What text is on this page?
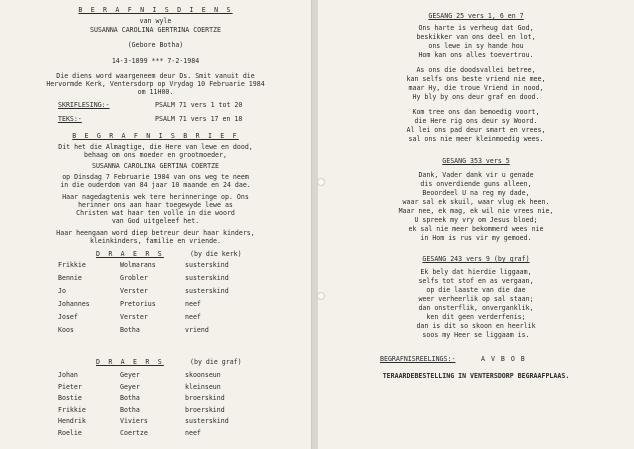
B E R A F N I S D I E N S
van wyle
SUSANNA CAROLINA GERTRINA COERTZE
(Gebore Botha)
14-3-1899 *** 7-2-1984
Die diens word waargeneem deur Ds. Smit vanuit die
Hervormde Kerk, Ventersdorp op Vrydag 10 Februarie 1984
om 11H00.
SKRIFLESING:-	PSALM 71 vers 1 tot 20
TEKS:-	PSALM 71 vers 17 en 18
B E G R A F N I S B R I E F
Dit het die Almagtige, die Here van lewe en dood,
behaag om ons moeder en grootmoeder,
SUSANNA CAROLINA GERTINA COERTZE
op Dinsdag 7 Februarie 1984 van ons weg te neem
in die ouderdom van 84 jaar 10 maande en 24 dae.
Haar nagedagtenis wek tere herinneringe op. Ons
herinner ons aan haar toegewyde lewe as
Christen wat haar ten volle in die woord
van God uitgeleef het.
Haar heengaan word diep betreur deur haar kinders,
kleinkinders, familie en vriende.
D R A E R S	(by die kerk)
Frikkie	Wolmarans	susterskind
Bennie	Grobler	susterskind
Jo	Verster	susterskind
Johannes	Pretorius	neef
Josef	Verster	neef
Koos	Botha	vriend
D R A E R S	(by die graf)
Johan	Geyer	skoonseun
Pieter	Geyer	kleinseun
Bostie	Botha	broerskind
Frikkie	Botha	broerskind
Hendrik	Viviers	susterskind
Roelie	Coertze	neef
GESANG 25 vers 1, 6 en 7
Ons harte is verheug dat God,
beskikker van ons deel en lot,
ons lewe in sy hande hou
Hom kan ons alles toevertrou.
As ons die doodsvallei betree,
kan selfs ons beste vriend nie mee,
maar Hy, die troue Vriend in nood,
Hy bly by ons deur graf en dood.
Kom tree ons dan bemoedig voort,
die Here rig ons deur sy Woord.
Al lei ons pad deur smart en vrees,
sal ons nie meer kleinmoedig wees.
GESANG 353 vers 5
Dank, Vader dank vir u genade
dis onverdiende guns alleen,
Beoordeel U na reg my dade,
waar sal ek skuil, waar vlug ek heen.
Maar nee, ek mag, ek wil nie vrees nie,
U spreek my vry om Jesus bloed;
ek sal nie meer bekommerd wees nie
in Hom is rus vir my gemoed.
GESANG 243 vers 9 (by graf)
Ek bely dat hierdie liggaam,
selfs tot stof en as vergaan,
op die laaste van die dae
weer verheerlik op sal staan;
dan onsterflik, onverganklik,
ken dit geen verderfenis;
dan is dit so skoon en heerlik
soos my Heer se liggaam is.
BEGRAFNISREELINGS:-	A V B O B
TERAARDEBESTELLING IN VENTERSDORP BEGRAAFPLAAS.
